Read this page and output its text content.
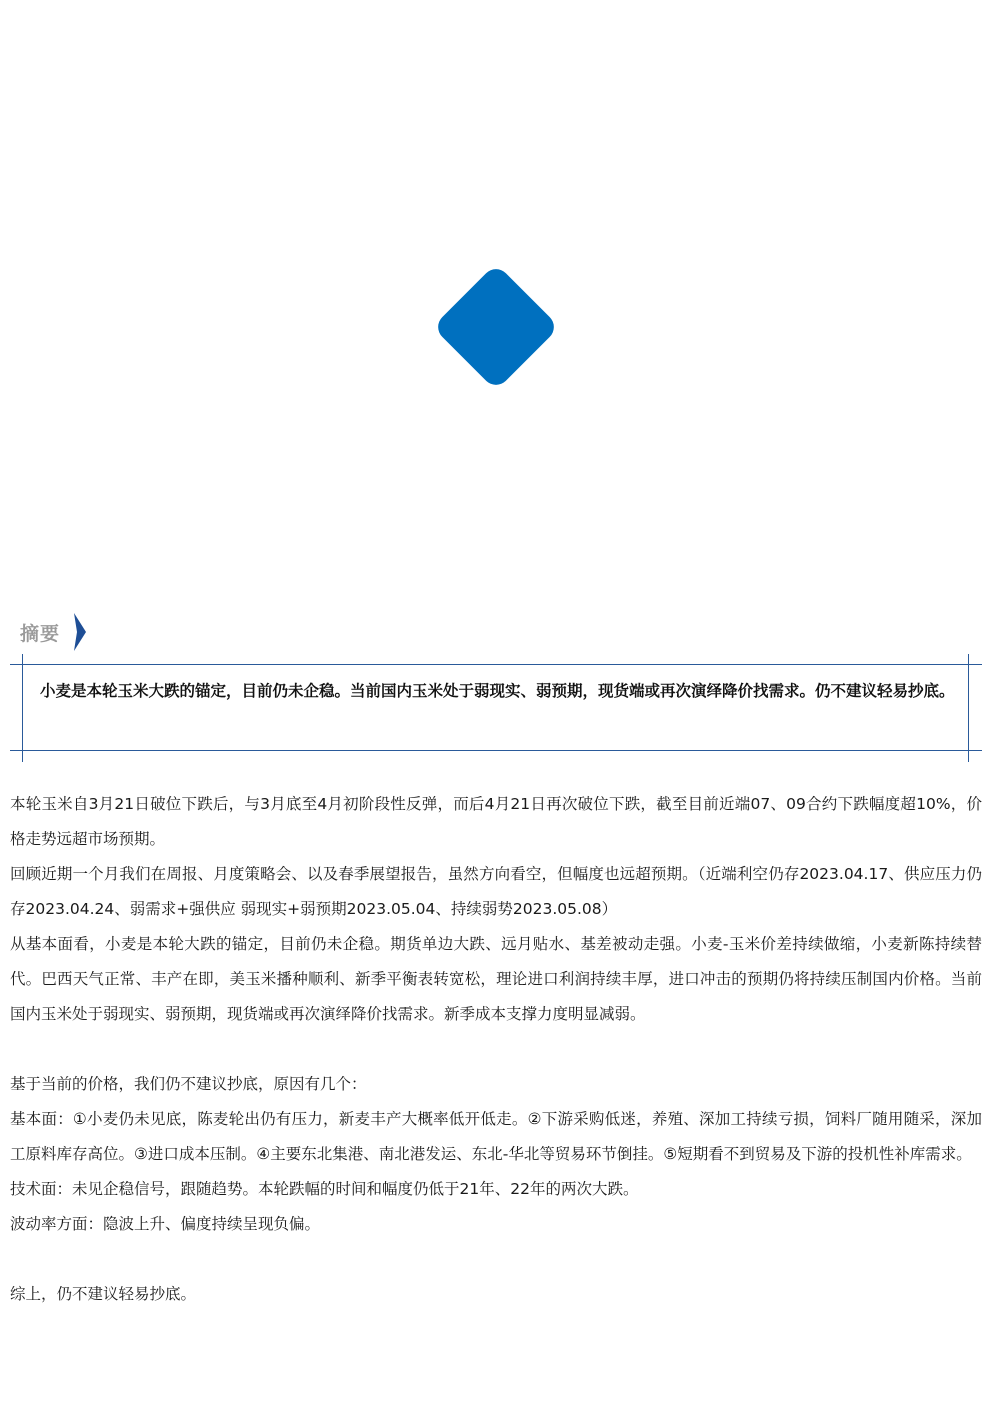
摘要
小麦是本轮玉米大跌的锚定，目前仍未企稳。当前国内玉米处于弱现实、弱预期，现货端或再次演绎降价找需求。仍不建议轻易抄底。

本轮玉米自3月21日破位下跌后，与3月底至4月初阶段性反弹，而后4月21日再次破位下跌，截至目前近端07、09合约下跌幅度超10%，价格走势远超市场预期。

回顾近期一个月我们在周报、月度策略会、以及春季展望报告，虽然方向看空，但幅度也远超预期。（近端利空仍存2023.04.17、供应压力仍存2023.04.24、弱需求+强供应 弱现实+弱预期2023.05.04、持续弱势2023.05.08）

从基本面看，小麦是本轮大跌的锚定，目前仍未企稳。期货单边大跌、远月贴水、基差被动走强。小麦-玉米价差持续做缩，小麦新陈持续替代。巴西天气正常、丰产在即，美玉米播种顺利、新季平衡表转宽松，理论进口利润持续丰厚，进口冲击的预期仍将持续压制国内价格。当前国内玉米处于弱现实、弱预期，现货端或再次演绎降价找需求。新季成本支撑力度明显减弱。

基于当前的价格，我们仍不建议抄底，原因有几个：

基本面：①小麦仍未见底，陈麦轮出仍有压力，新麦丰产大概率低开低走。②下游采购低迷，养殖、深加工持续亏损，饲料厂随用随采，深加工原料库存高位。③进口成本压制。④主要东北集港、南北港发运、东北-华北等贸易环节倒挂。⑤短期看不到贸易及下游的投机性补库需求。

技术面：未见企稳信号，跟随趋势。本轮跌幅的时间和幅度仍低于21年、22年的两次大跌。

波动率方面：隐波上升、偏度持续呈现负偏。

综上，仍不建议轻易抄底。
